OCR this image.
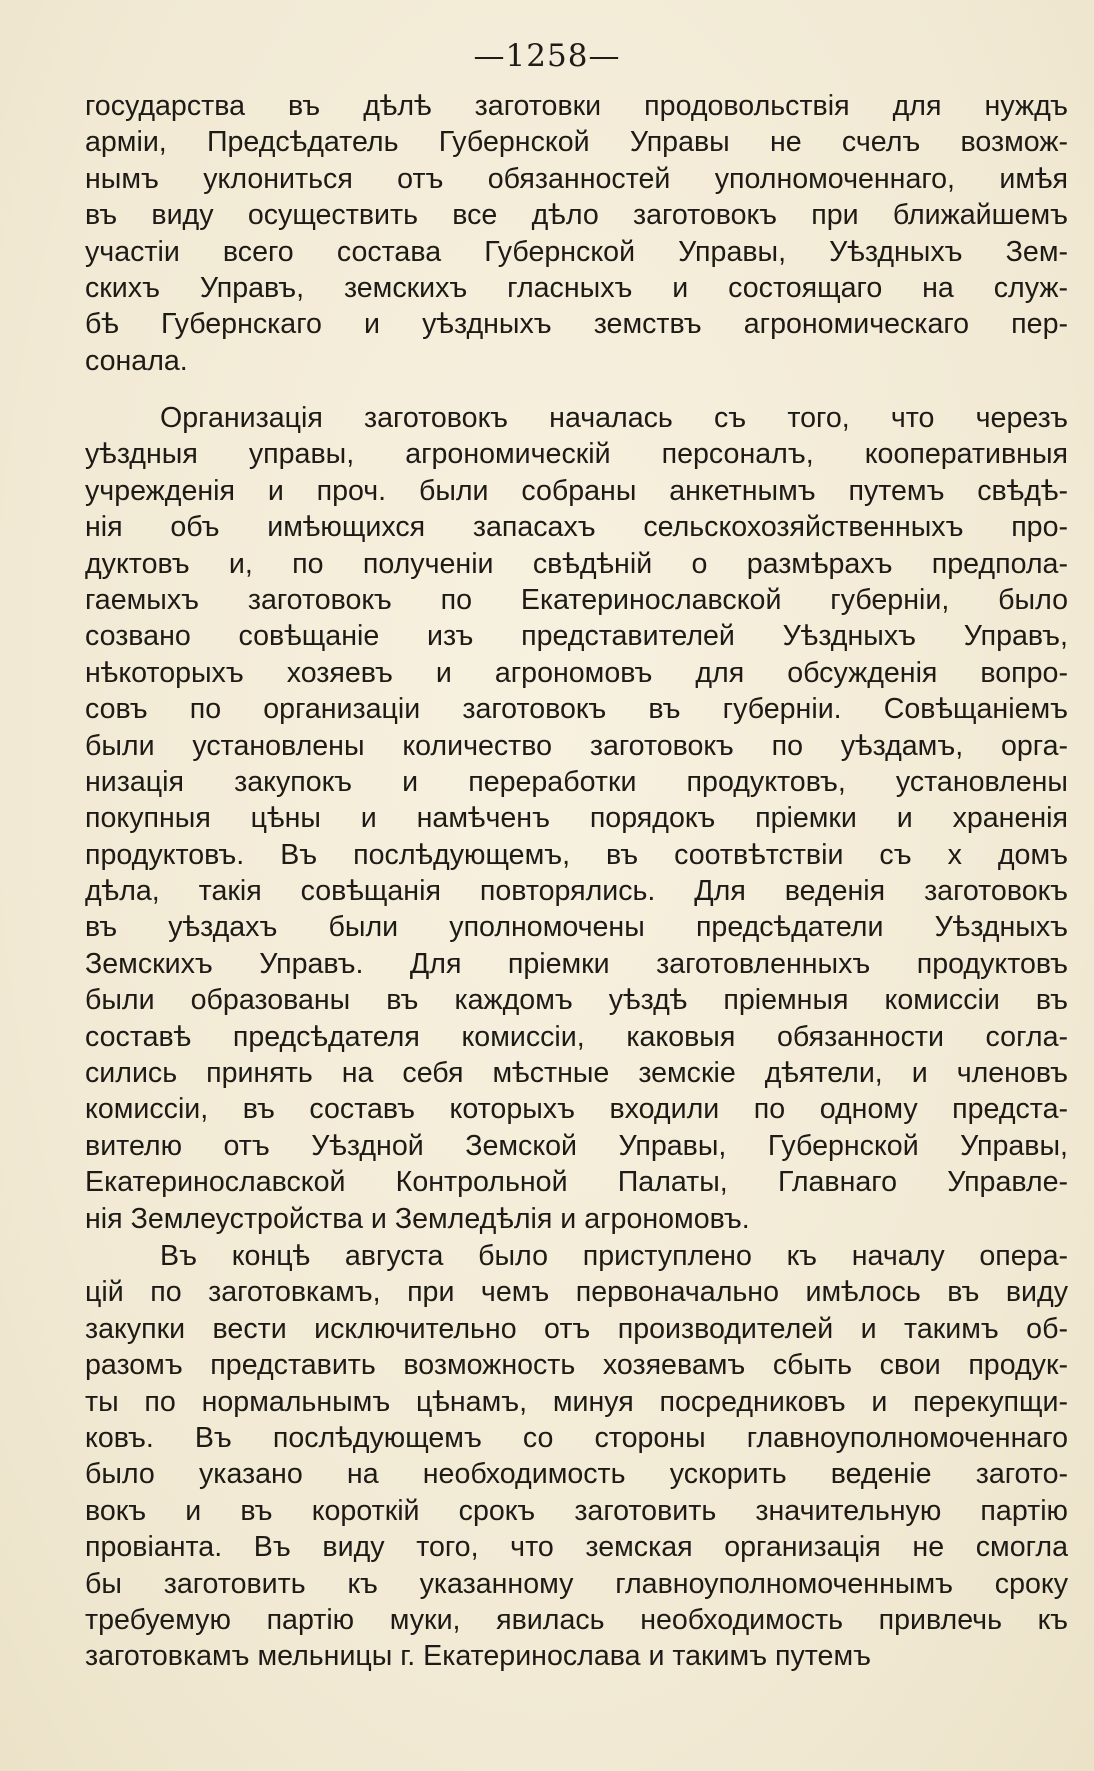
—1258—
государства въ дѣлѣ заготовки продовольствія для нуждъ
арміи, Предсѣдатель Губернской Управы не счелъ возмож-
нымъ уклониться отъ обязанностей уполномоченнаго, имѣя
въ виду осуществить все дѣло заготовокъ при ближайшемъ
участіи всего состава Губернской Управы, Уѣздныхъ Зем-
скихъ Управъ, земскихъ гласныхъ и состоящаго на служ-
бѣ Губернскаго и уѣздныхъ земствъ агрономическаго пер-
сонала.
Организація заготовокъ началась съ того, что черезъ
уѣздныя управы, агрономическій персоналъ, кооперативныя
учрежденія и проч. были собраны анкетнымъ путемъ свѣдѣ-
нія объ имѣющихся запасахъ сельскохозяйственныхъ про-
дуктовъ и, по полученіи свѣдѣній о размѣрахъ предпола-
гаемыхъ заготовокъ по Екатеринославской губерніи, было
созвано совѣщаніе изъ представителей Уѣздныхъ Управъ,
нѣкоторыхъ хозяевъ и агрономовъ для обсужденія вопро-
совъ по организаціи заготовокъ въ губерніи. Совѣщаніемъ
были установлены количество заготовокъ по уѣздамъ, орга-
низація закупокъ и переработки продуктовъ, установлены
покупныя цѣны и намѣченъ порядокъ пріемки и храненія
продуктовъ. Въ послѣдующемъ, въ соотвѣтствіи съ х домъ
дѣла, такія совѣщанія повторялись. Для веденія заготовокъ
въ уѣздахъ были уполномочены предсѣдатели Уѣздныхъ
Земскихъ Управъ. Для пріемки заготовленныхъ продуктовъ
были образованы въ каждомъ уѣздѣ пріемныя комиссіи въ
составѣ предсѣдателя комиссіи, каковыя обязанности согла-
сились принять на себя мѣстные земскіе дѣятели, и членовъ
комиссіи, въ составъ которыхъ входили по одному предста-
вителю отъ Уѣздной Земской Управы, Губернской Управы,
Екатеринославской Контрольной Палаты, Главнаго Управле-
нія Землеустройства и Земледѣлія и агрономовъ.
Въ концѣ августа было приступлено къ началу опера-
цій по заготовкамъ, при чемъ первоначально имѣлось въ виду
закупки вести исключительно отъ производителей и такимъ об-
разомъ представить возможность хозяевамъ сбыть свои продук-
ты по нормальнымъ цѣнамъ, минуя посредниковъ и перекупщи-
ковъ. Въ послѣдующемъ со стороны главноуполномоченнаго
было указано на необходимость ускорить веденіе загото-
вокъ и въ короткій срокъ заготовить значительную партію
провіанта. Въ виду того, что земская организація не смогла
бы заготовить къ указанному главноуполномоченнымъ сроку
требуемую партію муки, явилась необходимость привлечь къ
заготовкамъ мельницы г. Екатеринослава и такимъ путемъ
